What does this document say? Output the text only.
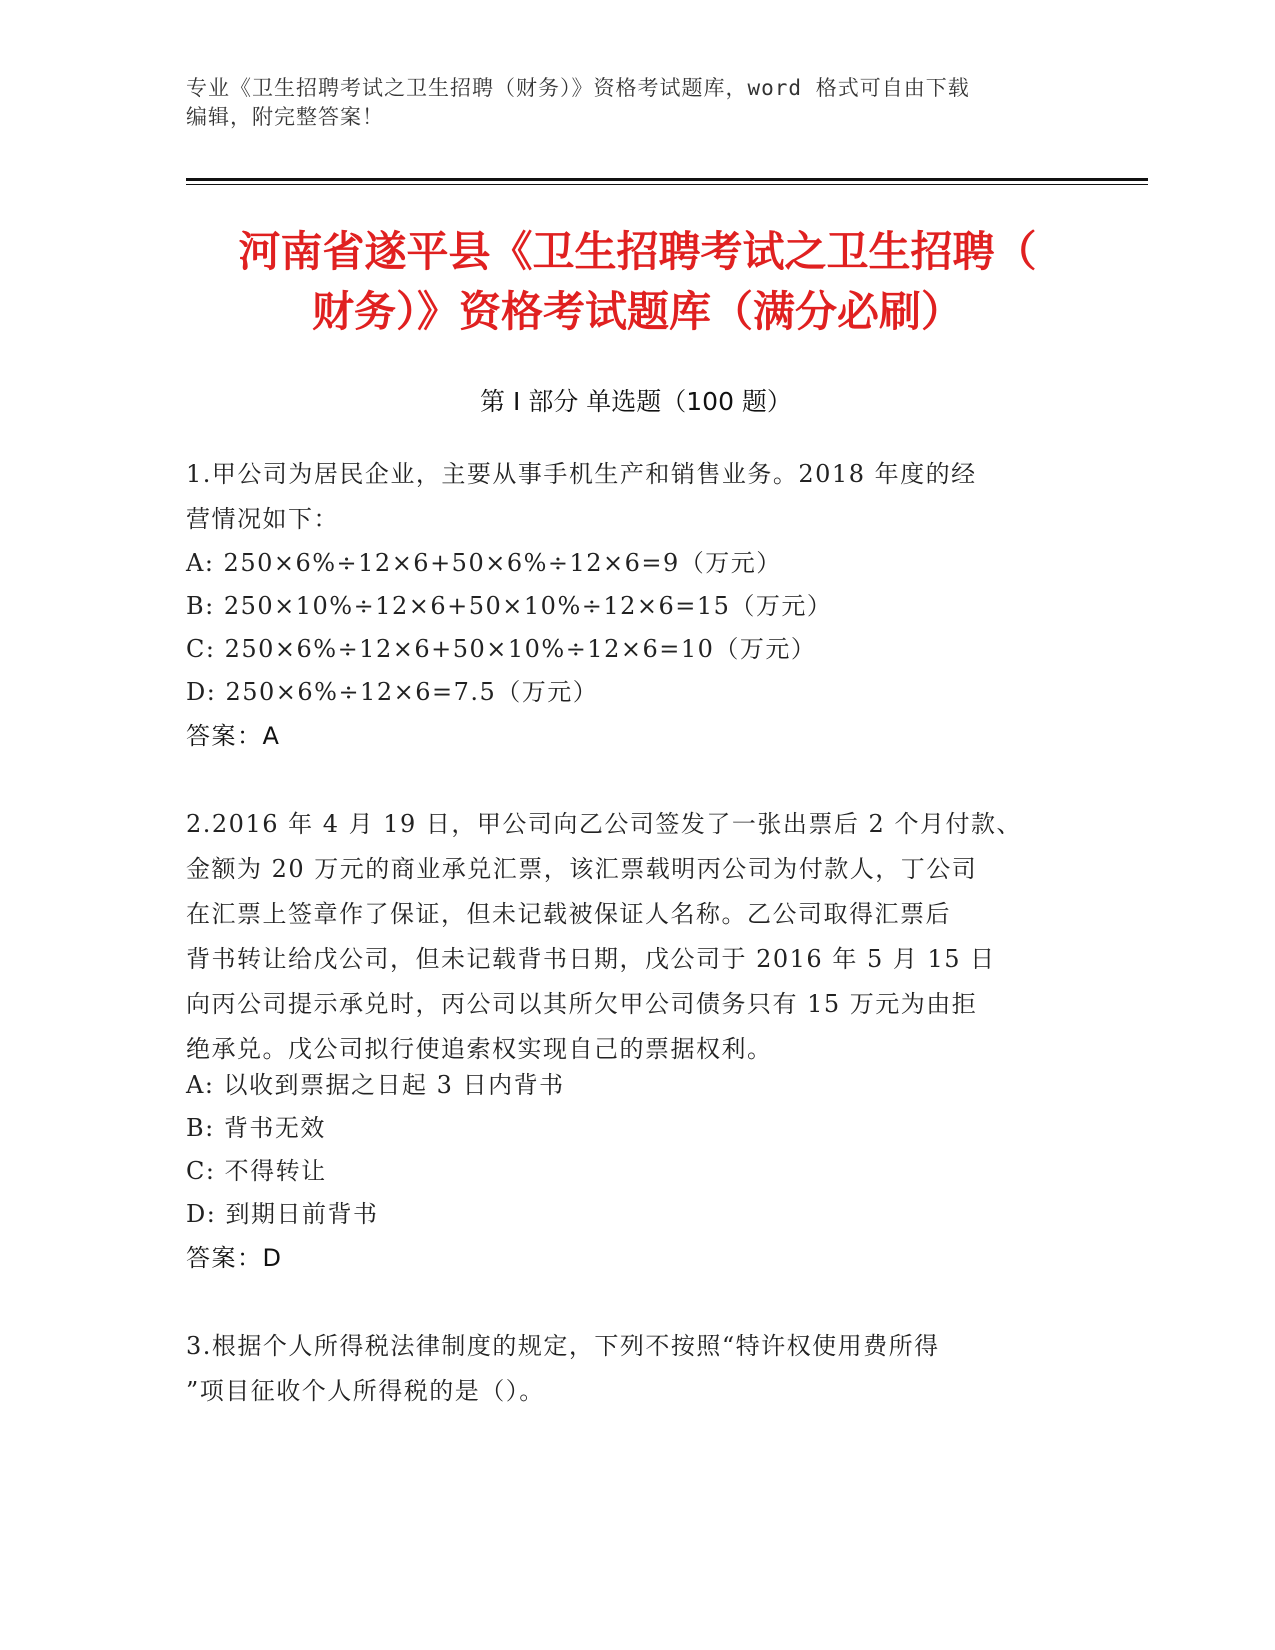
专业《卫生招聘考试之卫生招聘（财务）》资格考试题库，word 格式可自由下载
编辑，附完整答案！
河南省遂平县《卫生招聘考试之卫生招聘（
财务）》资格考试题库（满分必刷）
第 I 部分 单选题（100 题）
1.甲公司为居民企业，主要从事手机生产和销售业务。2018 年度的经
营情况如下：
A: 250×6%÷12×6+50×6%÷12×6=9（万元）
B: 250×10%÷12×6+50×10%÷12×6=15（万元）
C: 250×6%÷12×6+50×10%÷12×6=10（万元）
D: 250×6%÷12×6=7.5（万元）
答案：A
2.2016 年 4 月 19 日，甲公司向乙公司签发了一张出票后 2 个月付款、
金额为 20 万元的商业承兑汇票，该汇票载明丙公司为付款人，丁公司
在汇票上签章作了保证，但未记载被保证人名称。乙公司取得汇票后
背书转让给戊公司，但未记载背书日期，戊公司于 2016 年 5 月 15 日
向丙公司提示承兑时，丙公司以其所欠甲公司债务只有 15 万元为由拒
绝承兑。戊公司拟行使追索权实现自己的票据权利。
A: 以收到票据之日起 3 日内背书
B: 背书无效
C: 不得转让
D: 到期日前背书
答案：D
3.根据个人所得税法律制度的规定，下列不按照“特许权使用费所得
”项目征收个人所得税的是（）。
